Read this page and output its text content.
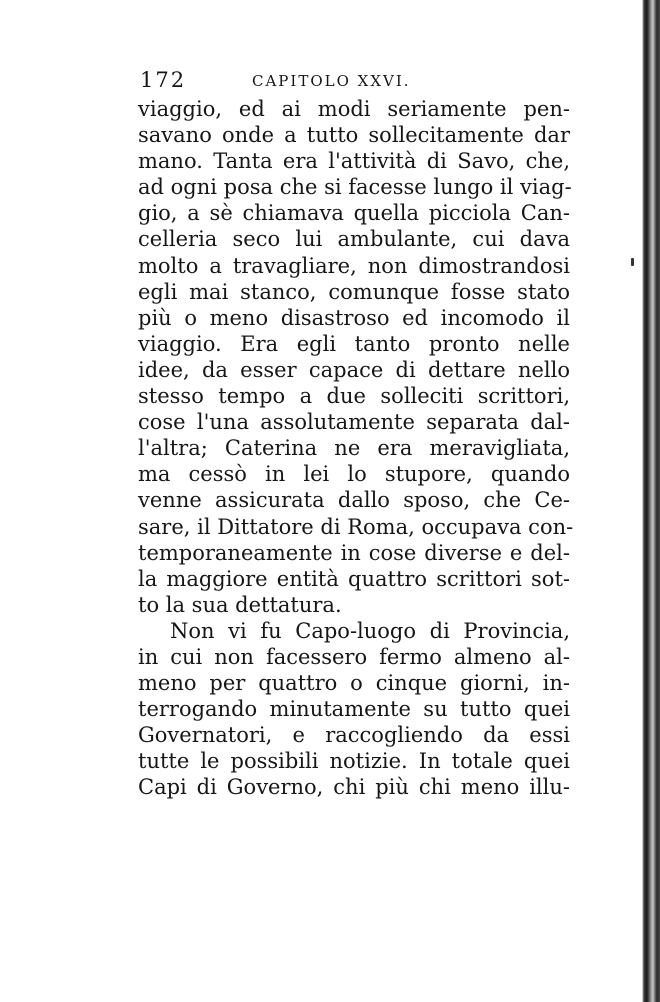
172	CAPITOLO XXVI.
viaggio, ed ai modi seriamente pen-
savano onde a tutto sollecitamente dar
mano. Tanta era l'attività di Savo, che,
ad ogni posa che si facesse lungo il viag-
gio, a sè chiamava quella picciola Can-
celleria seco lui ambulante, cui dava
molto a travagliare, non dimostrandosi
egli mai stanco, comunque fosse stato
più o meno disastroso ed incomodo il
viaggio. Era egli tanto pronto nelle
idee, da esser capace di dettare nello
stesso tempo a due solleciti scrittori,
cose l'una assolutamente separata dal-
l'altra; Caterina ne era meravigliata,
ma cessò in lei lo stupore, quando
venne assicurata dallo sposo, che Ce-
sare, il Dittatore di Roma, occupava con-
temporaneamente in cose diverse e del-
la maggiore entità quattro scrittori sot-
to la sua dettatura.
Non vi fu Capo-luogo di Provincia,
in cui non facessero fermo almeno al-
meno per quattro o cinque giorni, in-
terrogando minutamente su tutto quei
Governatori, e raccogliendo da essi
tutte le possibili notizie. In totale quei
Capi di Governo, chi più chi meno illu-
